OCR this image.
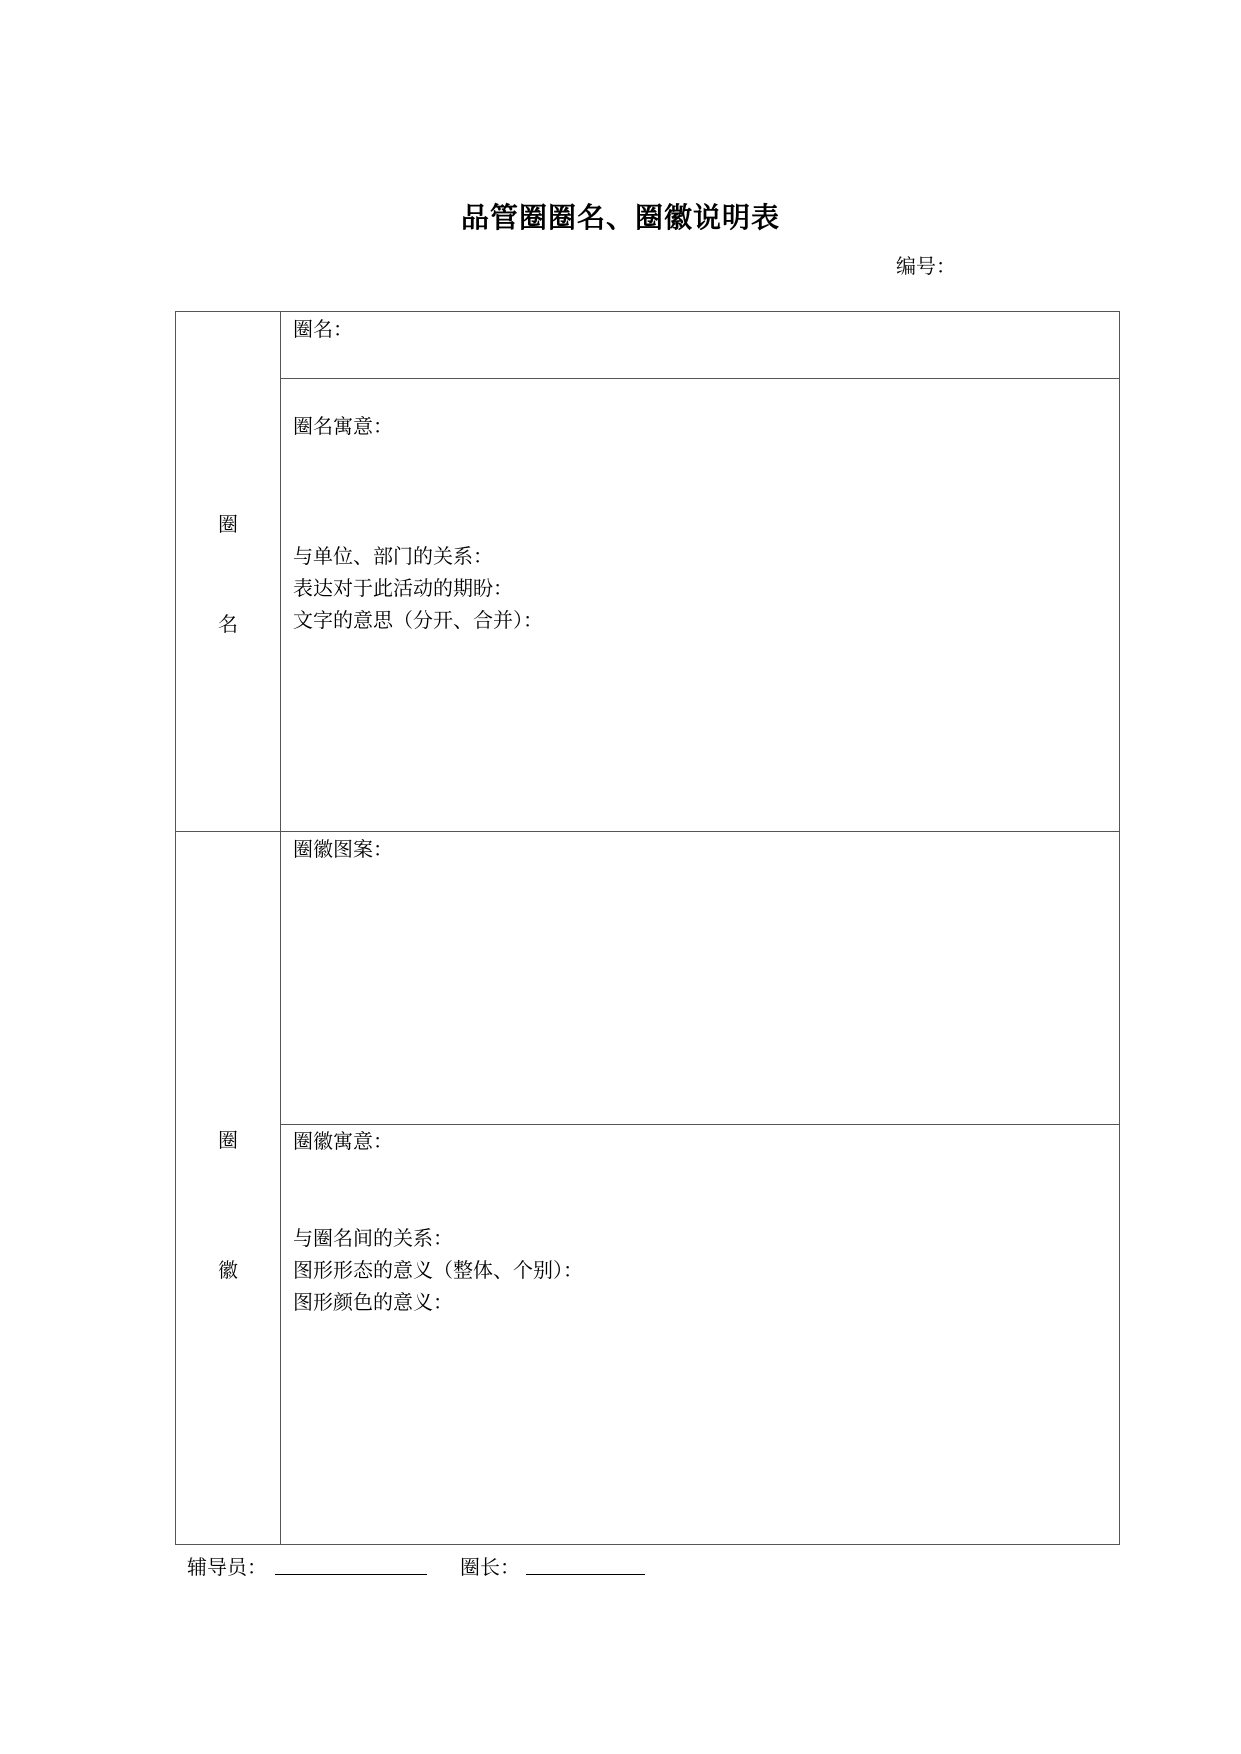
品管圈圈名、圈徽说明表
编号：
圈
名
圈名：
圈名寓意：
与单位、部门的关系：
表达对于此活动的期盼：
文字的意思（分开、合并）：
圈
徽
圈徽图案：
圈徽寓意：
与圈名间的关系：
图形形态的意义（整体、个别）：
图形颜色的意义：
辅导员：	圈长：
